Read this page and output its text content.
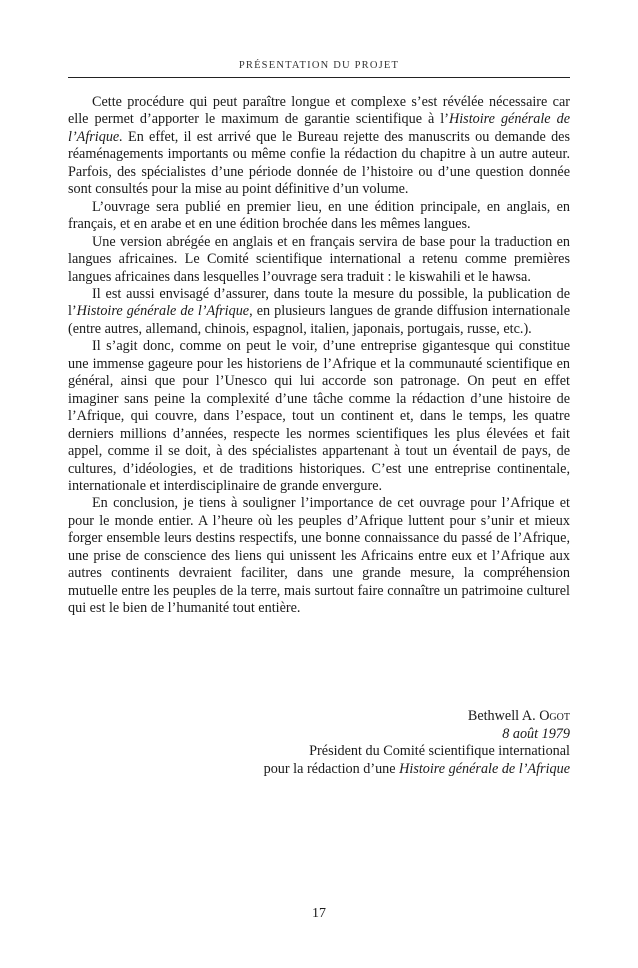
PRÉSENTATION DU PROJET

Cette procédure qui peut paraître longue et complexe s’est révélée nécessaire car elle permet d’apporter le maximum de garantie scientifique à l’Histoire générale de l’Afrique. En effet, il est arrivé que le Bureau rejette des manuscrits ou demande des réaménagements importants ou même confie la rédaction du chapitre à un autre auteur. Parfois, des spécialistes d’une période donnée de l’histoire ou d’une question donnée sont consultés pour la mise au point définitive d’un volume.

L’ouvrage sera publié en premier lieu, en une édition principale, en anglais, en français, et en arabe et en une édition brochée dans les mêmes langues.

Une version abrégée en anglais et en français servira de base pour la traduction en langues africaines. Le Comité scientifique international a retenu comme premières langues africaines dans lesquelles l’ouvrage sera traduit : le kiswahili et le hawsa.

Il est aussi envisagé d’assurer, dans toute la mesure du possible, la publication de l’Histoire générale de l’Afrique, en plusieurs langues de grande diffusion internationale (entre autres, allemand, chinois, espagnol, italien, japonais, portugais, russe, etc.).

Il s’agit donc, comme on peut le voir, d’une entreprise gigantesque qui constitue une immense gageure pour les historiens de l’Afrique et la communauté scientifique en général, ainsi que pour l’Unesco qui lui accorde son patronage. On peut en effet imaginer sans peine la complexité d’une tâche comme la rédaction d’une histoire de l’Afrique, qui couvre, dans l’espace, tout un continent et, dans le temps, les quatre derniers millions d’années, respecte les normes scientifiques les plus élevées et fait appel, comme il se doit, à des spécialistes appartenant à tout un éventail de pays, de cultures, d’idéologies, et de traditions historiques. C’est une entreprise continentale, internationale et interdisciplinaire de grande envergure.

En conclusion, je tiens à souligner l’importance de cet ouvrage pour l’Afrique et pour le monde entier. A l’heure où les peuples d’Afrique luttent pour s’unir et mieux forger ensemble leurs destins respectifs, une bonne connaissance du passé de l’Afrique, une prise de conscience des liens qui unissent les Africains entre eux et l’Afrique aux autres continents devraient faciliter, dans une grande mesure, la compréhension mutuelle entre les peuples de la terre, mais surtout faire connaître un patrimoine culturel qui est le bien de l’humanité tout entière.

Bethwell A. Ogot
8 août 1979
Président du Comité scientifique international
pour la rédaction d’une Histoire générale de l’Afrique
17
